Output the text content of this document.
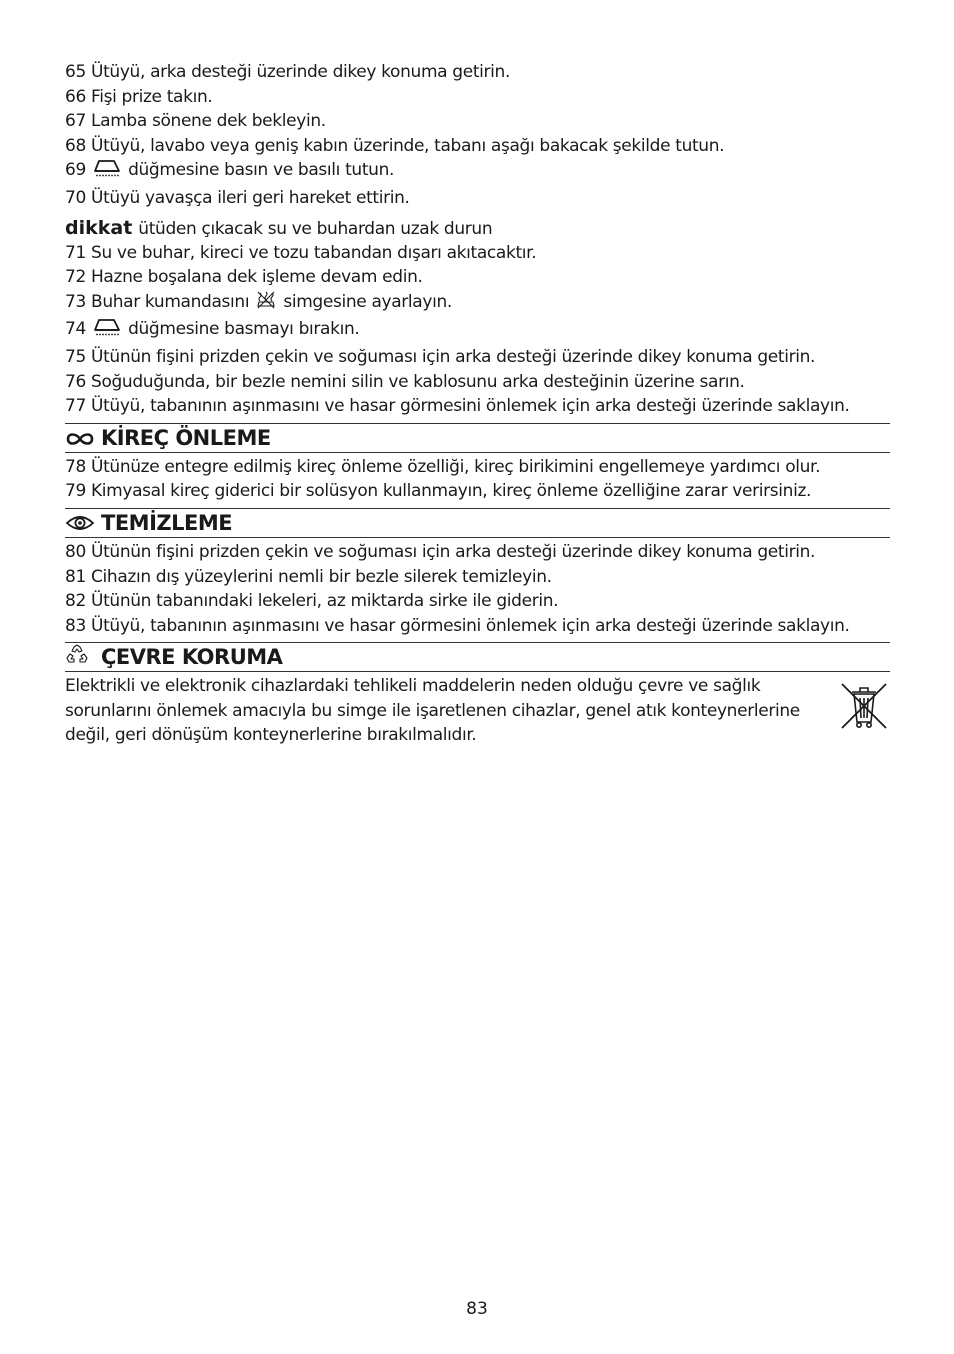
65 Ütüyü, arka desteği üzerinde dikey konuma getirin.
66 Fişi prize takın.
67 Lamba sönene dek bekleyin.
68 Ütüyü, lavabo veya geniş kabın üzerinde, tabanı aşağı bakacak şekilde tutun.
69 düğmesine basın ve basılı tutun.
70 Ütüyü yavaşça ileri geri hareket ettirin.
dikkat ütüden çıkacak su ve buhardan uzak durun
71 Su ve buhar, kireci ve tozu tabandan dışarı akıtacaktır.
72 Hazne boşalana dek işleme devam edin.
73 Buhar kumandasını simgesine ayarlayın.
74 düğmesine basmayı bırakın.
75 Ütünün fişini prizden çekin ve soğuması için arka desteği üzerinde dikey konuma getirin.
76 Soğuduğunda, bir bezle nemini silin ve kablosunu arka desteğinin üzerine sarın.
77 Ütüyü, tabanının aşınmasını ve hasar görmesini önlemek için arka desteği üzerinde saklayın.
KİREÇ ÖNLEME
78 Ütünüze entegre edilmiş kireç önleme özelliği, kireç birikimini engellemeye yardımcı olur.
79 Kimyasal kireç giderici bir solüsyon kullanmayın, kireç önleme özelliğine zarar verirsiniz.
TEMİZLEME
80 Ütünün fişini prizden çekin ve soğuması için arka desteği üzerinde dikey konuma getirin.
81 Cihazın dış yüzeylerini nemli bir bezle silerek temizleyin.
82 Ütünün tabanındaki lekeleri, az miktarda sirke ile giderin.
83 Ütüyü, tabanının aşınmasını ve hasar görmesini önlemek için arka desteği üzerinde saklayın.
ÇEVRE KORUMA
Elektrikli ve elektronik cihazlardaki tehlikeli maddelerin neden olduğu çevre ve sağlık sorunlarını önlemek amacıyla bu simge ile işaretlenen cihazlar, genel atık konteynerlerine değil, geri dönüşüm konteynerlerine bırakılmalıdır.
83
